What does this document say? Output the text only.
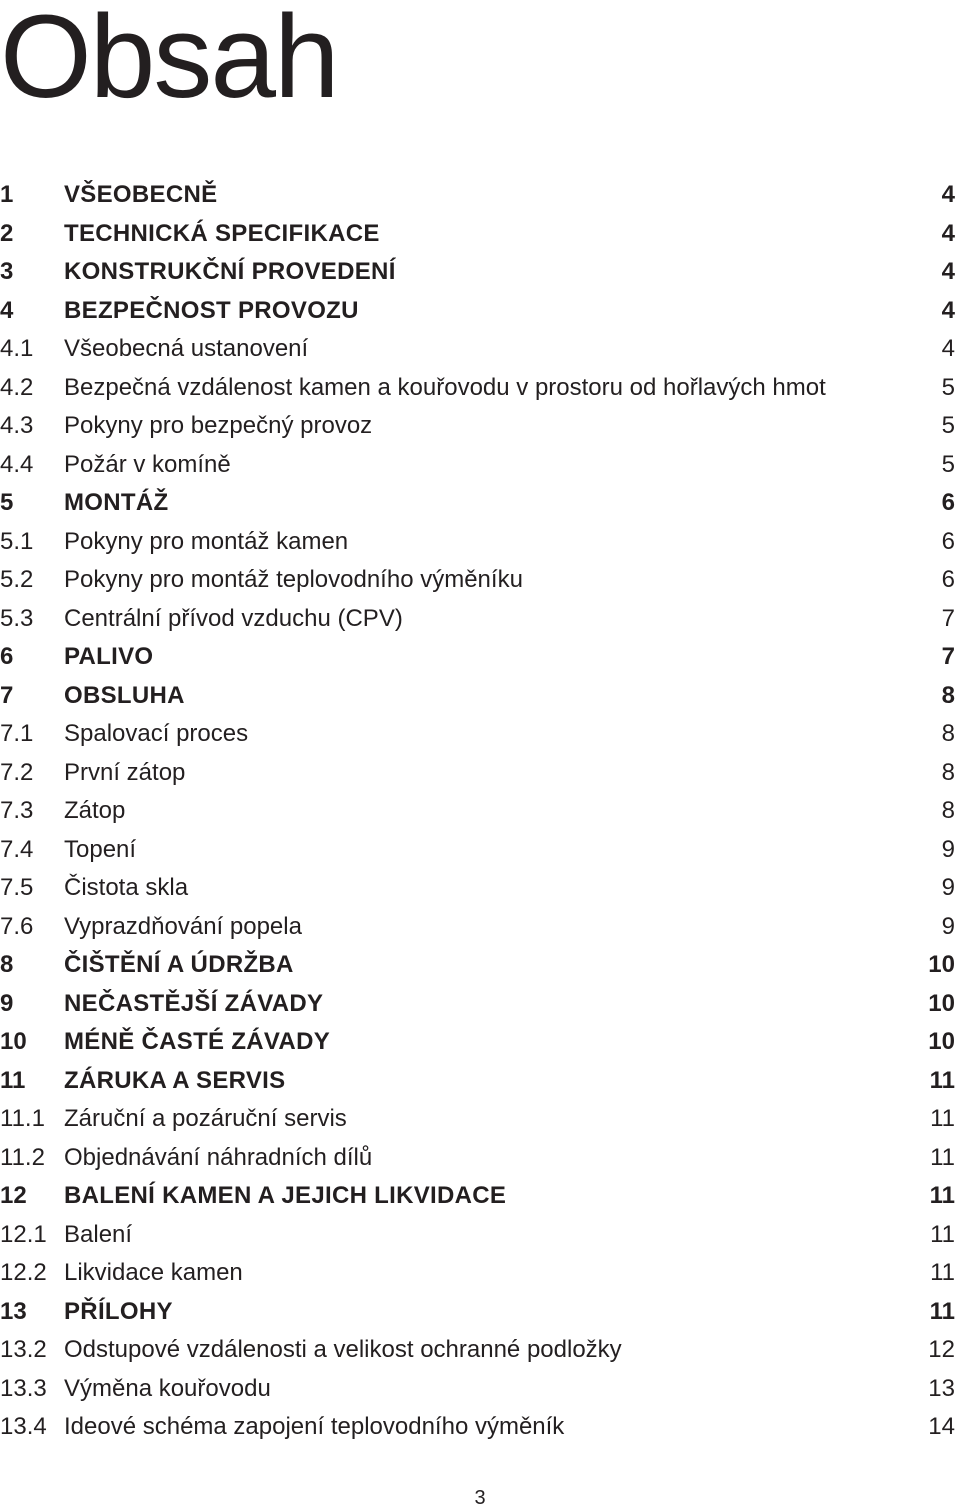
Obsah
1 VŠEOBECNĚ	4
2 TECHNICKÁ SPECIFIKACE	4
3 KONSTRUKČNÍ PROVEDENÍ	4
4 BEZPEČNOST PROVOZU	4
4.1 Všeobecná ustanovení	4
4.2 Bezpečná vzdálenost kamen a kouřovodu v prostoru od hořlavých hmot	5
4.3 Pokyny pro bezpečný provoz	5
4.4 Požár v komíně	5
5 MONTÁŽ	6
5.1 Pokyny pro montáž kamen	6
5.2 Pokyny pro montáž teplovodního výměníku	6
5.3 Centrální přívod vzduchu (CPV)	7
6 PALIVO	7
7 OBSLUHA	8
7.1 Spalovací proces	8
7.2 První zátop	8
7.3 Zátop	8
7.4 Topení	9
7.5 Čistota skla	9
7.6 Vyprazdňování popela	9
8 ČIŠTĚNÍ A ÚDRŽBA	10
9 NEČASTĚJŠÍ ZÁVADY	10
10 MÉNĚ ČASTÉ ZÁVADY	10
11 ZÁRUKA A SERVIS	11
11.1 Záruční a pozáruční servis	11
11.2 Objednávání náhradních dílů	11
12 BALENÍ KAMEN A JEJICH LIKVIDACE	11
12.1 Balení	11
12.2 Likvidace kamen	11
13 PŘÍLOHY	11
13.2 Odstupové vzdálenosti a velikost ochranné podložky	12
13.3 Výměna kouřovodu	13
13.4 Ideové schéma zapojení teplovodního výměník	14
3
